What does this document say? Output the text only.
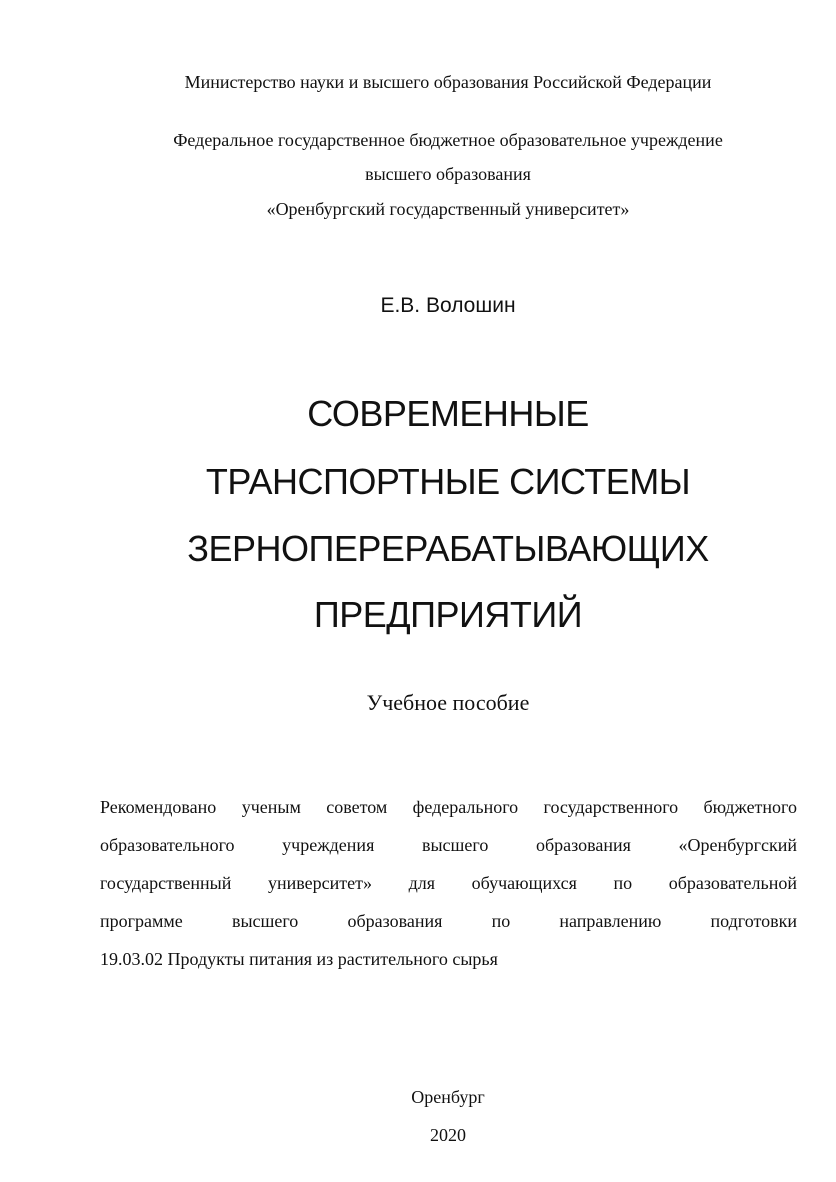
Министерство науки и высшего образования Российской Федерации
Федеральное государственное бюджетное образовательное учреждение
высшего образования
«Оренбургский государственный университет»
Е.В. Волошин
СОВРЕМЕННЫЕ
ТРАНСПОРТНЫЕ СИСТЕМЫ
ЗЕРНОПЕРЕРАБАТЫВАЮЩИХ
ПРЕДПРИЯТИЙ
Учебное пособие
Рекомендовано ученым советом федерального государственного бюджетного
образовательного учреждения высшего образования «Оренбургский
государственный университет» для обучающихся по образовательной
программе высшего образования по направлению подготовки
19.03.02 Продукты питания из растительного сырья
Оренбург
2020
